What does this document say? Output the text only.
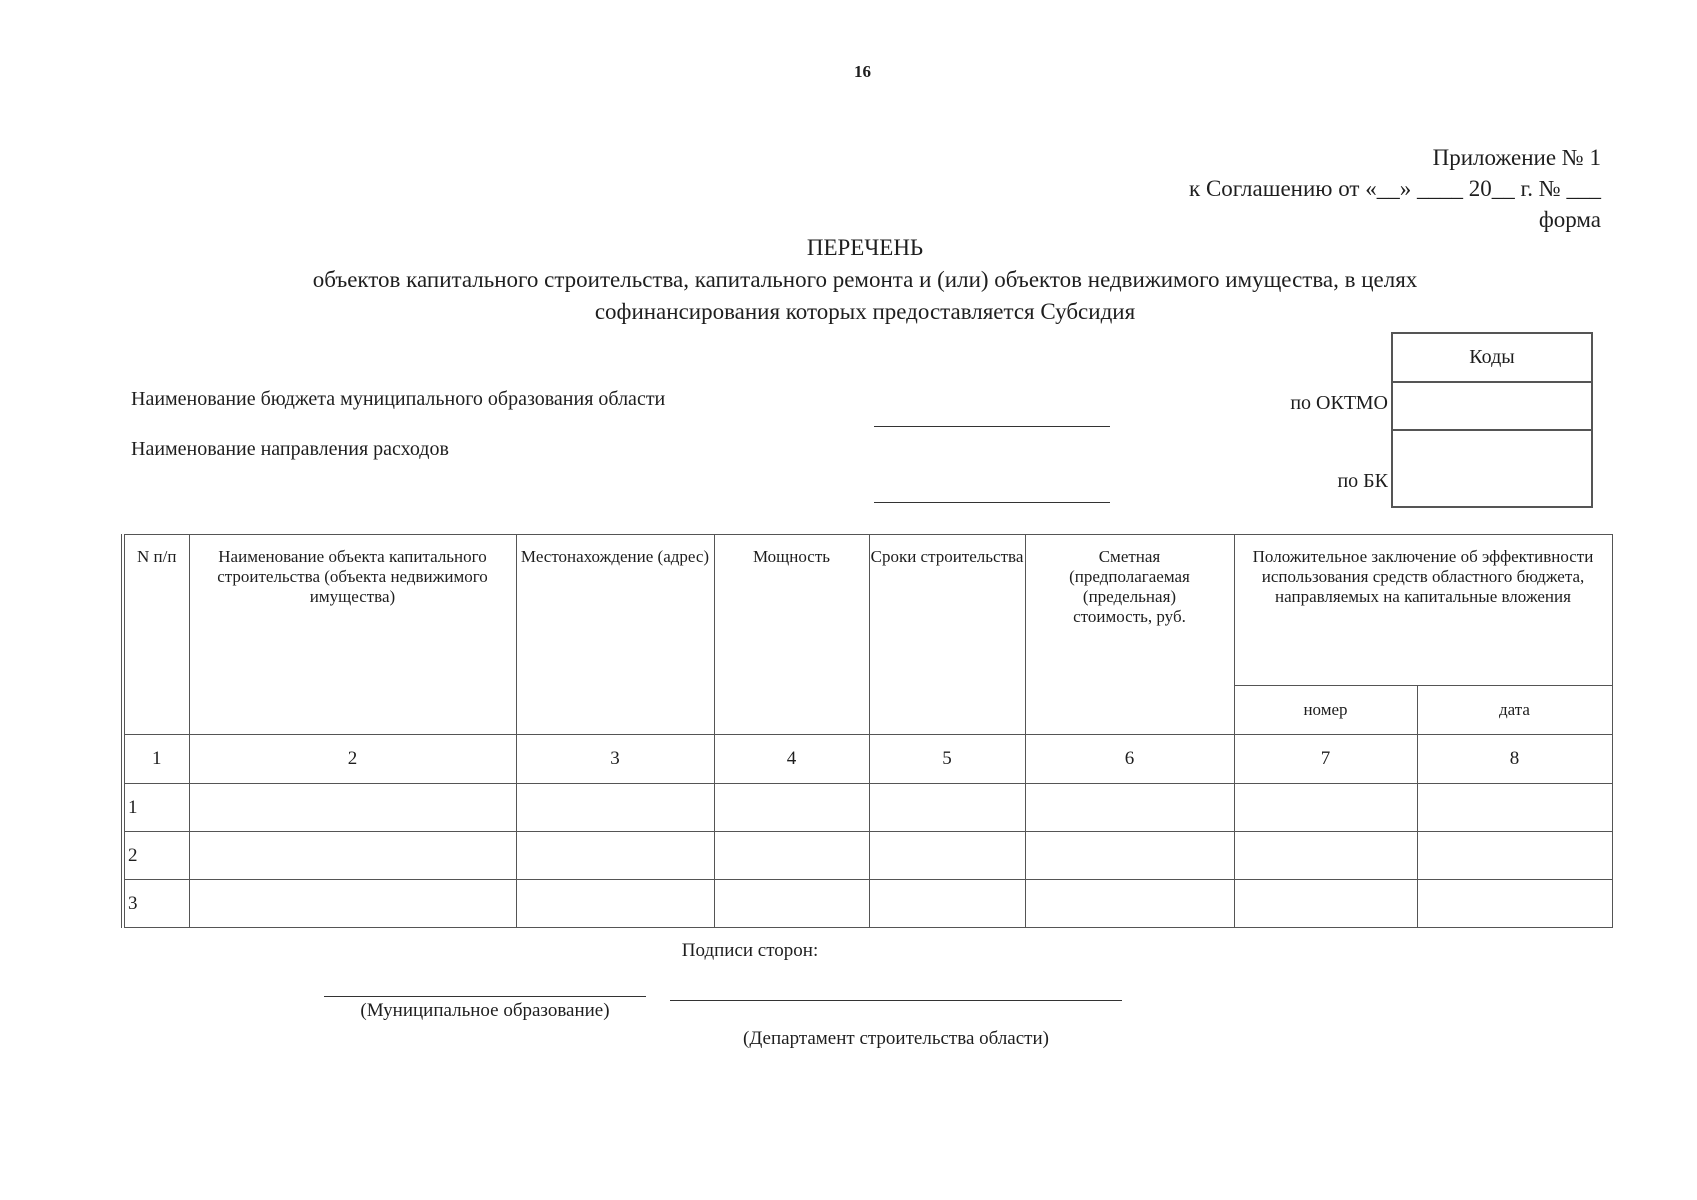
16
Приложение № 1
к Соглашению от «__» ____ 20__ г. № ___
форма
ПЕРЕЧЕНЬ
объектов капитального строительства, капитального ремонта и (или) объектов недвижимого имущества, в целях
софинансирования которых предоставляется Субсидия
Наименование бюджета муниципального образования области
Наименование направления расходов
по ОКТМО
по БК
Коды

N п/п	Наименование объекта капитального строительства (объекта недвижимого имущества)	Местонахождение (адрес)	Мощность	Сроки строительства	Сметная (предполагаемая (предельная) стоимость, руб.	Положительное заключение об эффективности использования средств областного бюджета, направляемых на капитальные вложения	
						номер	дата
1	2	3	4	5	6	7	8
1							
2							
3							
Подписи сторон:
(Муниципальное образование)
(Департамент строительства области)
